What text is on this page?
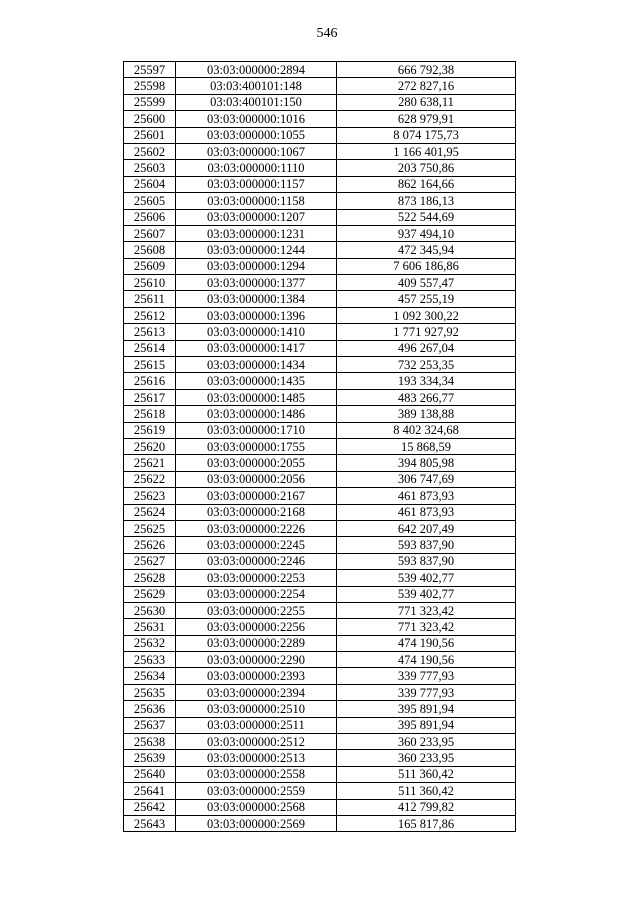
546
25597	03:03:000000:2894	666 792,38
25598	03:03:400101:148	272 827,16
25599	03:03:400101:150	280 638,11
25600	03:03:000000:1016	628 979,91
25601	03:03:000000:1055	8 074 175,73
25602	03:03:000000:1067	1 166 401,95
25603	03:03:000000:1110	203 750,86
25604	03:03:000000:1157	862 164,66
25605	03:03:000000:1158	873 186,13
25606	03:03:000000:1207	522 544,69
25607	03:03:000000:1231	937 494,10
25608	03:03:000000:1244	472 345,94
25609	03:03:000000:1294	7 606 186,86
25610	03:03:000000:1377	409 557,47
25611	03:03:000000:1384	457 255,19
25612	03:03:000000:1396	1 092 300,22
25613	03:03:000000:1410	1 771 927,92
25614	03:03:000000:1417	496 267,04
25615	03:03:000000:1434	732 253,35
25616	03:03:000000:1435	193 334,34
25617	03:03:000000:1485	483 266,77
25618	03:03:000000:1486	389 138,88
25619	03:03:000000:1710	8 402 324,68
25620	03:03:000000:1755	15 868,59
25621	03:03:000000:2055	394 805,98
25622	03:03:000000:2056	306 747,69
25623	03:03:000000:2167	461 873,93
25624	03:03:000000:2168	461 873,93
25625	03:03:000000:2226	642 207,49
25626	03:03:000000:2245	593 837,90
25627	03:03:000000:2246	593 837,90
25628	03:03:000000:2253	539 402,77
25629	03:03:000000:2254	539 402,77
25630	03:03:000000:2255	771 323,42
25631	03:03:000000:2256	771 323,42
25632	03:03:000000:2289	474 190,56
25633	03:03:000000:2290	474 190,56
25634	03:03:000000:2393	339 777,93
25635	03:03:000000:2394	339 777,93
25636	03:03:000000:2510	395 891,94
25637	03:03:000000:2511	395 891,94
25638	03:03:000000:2512	360 233,95
25639	03:03:000000:2513	360 233,95
25640	03:03:000000:2558	511 360,42
25641	03:03:000000:2559	511 360,42
25642	03:03:000000:2568	412 799,82
25643	03:03:000000:2569	165 817,86
